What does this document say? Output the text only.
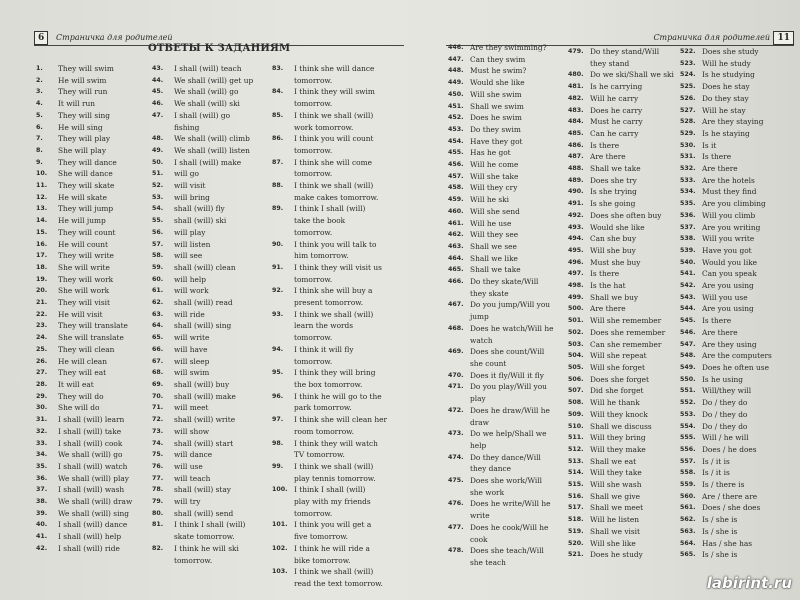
6	Страничка для родителей	Страничка для родителей 11
ОТВЕТЫ К ЗАДАНИЯМ
1.	They will swim
2.	He will swim
3.	They will run
4.	It will run
5.	They will sing
6.	He will sing
7.	They will play
8.	She will play
9.	They will dance
10.	She will dance
11.	They will skate
12.	He will skate
13.	They will jump
14.	He will jump
15.	They will count
16.	He will count
17.	They will write
18.	She will write
19.	They will work
20.	She will work
21.	They will visit
22.	He will visit
23.	They will translate
24.	She will translate
25.	They will clean
26.	He will clean
27.	They will eat
28.	It will eat
29.	They will do
30.	She will do
31.	I shall (will) learn
32.	I shall (will) take
33.	I shall (will) cook
34.	We shall (will) go
35.	I shall (will) watch
36.	We shall (will) play
37.	I shall (will) wash
38.	We shall (will) draw
39.	We shall (will) sing
40.	I shall (will) dance
41.	I shall (will) help
42.	I shall (will) ride
43.	I shall (will) teach
44.	We shall (will) get up
45.	We shall (will) go
46.	We shall (will) ski
47.	I shall (will) go
fishing
48.	We shall (will) climb
49.	We shall (will) listen
50.	I shall (will) make
51.	will go
52.	will visit
53.	will bring
54.	shall (will) fly
55.	shall (will) ski
56.	will play
57.	will listen
58.	will see
59.	shall (will) clean
60.	will help
61.	will work
62.	shall (will) read
63.	will ride
64.	shall (will) sing
65.	will write
66.	will have
67.	will sleep
68.	will swim
69.	shall (will) buy
70.	shall (will) make
71.	will meet
72.	shall (will) write
73.	will show
74.	shall (will) start
75.	will dance
76.	will use
77.	will teach
78.	shall (will) stay
79.	will try
80.	shall (will) send
81.	I think I shall (will)
skate tomorrow.
82.	I think he will ski
tomorrow.
83.	I think she will dance
tomorrow.
84.	I think they will swim
tomorrow.
85.	I think we shall (will)
work tomorrow.
86.	I think you will count
tomorrow.
87.	I think she will come
tomorrow.
88.	I think we shall (will)
make cakes tomorrow.
89.	I think I shall (will)
take the book
tomorrow.
90.	I think you will talk to
him tomorrow.
91.	I think they will visit us
tomorrow.
92.	I think she will buy a
present tomorrow.
93.	I think we shall (will)
learn the words
tomorrow.
94.	I think it will fly
tomorrow.
95.	I think they will bring
the box tomorrow.
96.	I think he will go to the
park tomorrow.
97.	I think she will clean her
room tomorrow.
98.	I think they will watch
TV tomorrow.
99.	I think we shall (will)
play tennis tomorrow.
100. I think I shall (will)
play with my friends
tomorrow.
101. I think you will get a
five tomorrow.
102. I think he will ride a
bike tomorrow.
103. I think we shall (will)
read the text tomorrow.
446. Are they swimming?
447. Can they swim
448. Must he swim?
449. Would she like
450. Will she swim
451. Shall we swim
452. Does he swim
453. Do they swim
454. Have they got
455. Has he got
456. Will he come
457. Will she take
458. Will they cry
459. Will he ski
460. Will she send
461. Will he use
462. Will they see
463. Shall we see
464. Shall we like
465. Shall we take
466. Do they skate/Will
they skate
467. Do you jump/Will you
jump
468. Does he watch/Will he
watch
469. Does she count/Will
she count
470. Does it fly/Will it fly
471. Do you play/Will you
play
472. Does he draw/Will he
draw
473. Do we help/Shall we
help
474. Do they dance/Will
they dance
475. Does she work/Will
she work
476. Does he write/Will he
write
477. Does he cook/Will he
cook
478. Does she teach/Will
she teach
479. Do they stand/Will
they stand
480. Do we ski/Shall we ski
481. Is he carrying
482. Will he carry
483. Does he carry
484. Must he carry
485. Can he carry
486. Is there
487. Are there
488. Shall we take
489. Does she try
490. Is she trying
491. Is she going
492. Does she often buy
493. Would she like
494. Can she buy
495. Will she buy
496. Must she buy
497. Is there
498. Is the hat
499. Shall we buy
500. Are there
501. Will she remember
502. Does she remember
503. Can she remember
504. Will she repeat
505. Will she forget
506. Does she forget
507. Did she forget
508. Will he thank
509. Will they knock
510. Shall we discuss
511. Will they bring
512. Will they make
513. Shall we eat
514. Will they take
515. Will she wash
516. Shall we give
517. Shall we meet
518. Will he listen
519. Shall we visit
520. Will she like
521. Does he study
522. Does she study
523. Will he study
524. Is he studying
525. Does he stay
526. Do they stay
527. Will he stay
528. Are they staying
529. Is he staying
530. Is it
531. Is there
532. Are there
533. Are the hotels
534. Must they find
535. Are you climbing
536. Will you climb
537. Are you writing
538. Will you write
539. Have you got
540. Would you like
541. Can you speak
542. Are you using
543. Will you use
544. Are you using
545. Is there
546. Are there
547. Are they using
548. Are the computers
549. Does he often use
550. Is he using
551. Will/they will
552. Do / they do
553. Do / they do
554. Do / they do
555. Will / he will
556. Does / he does
557. Is / it is
558. Is / it is
559. Is / there is
560. Are / there are
561. Does / she does
562. Is / she is
563. Is / she is
564. Has / she has
565. Is / she is
labirint.ru
